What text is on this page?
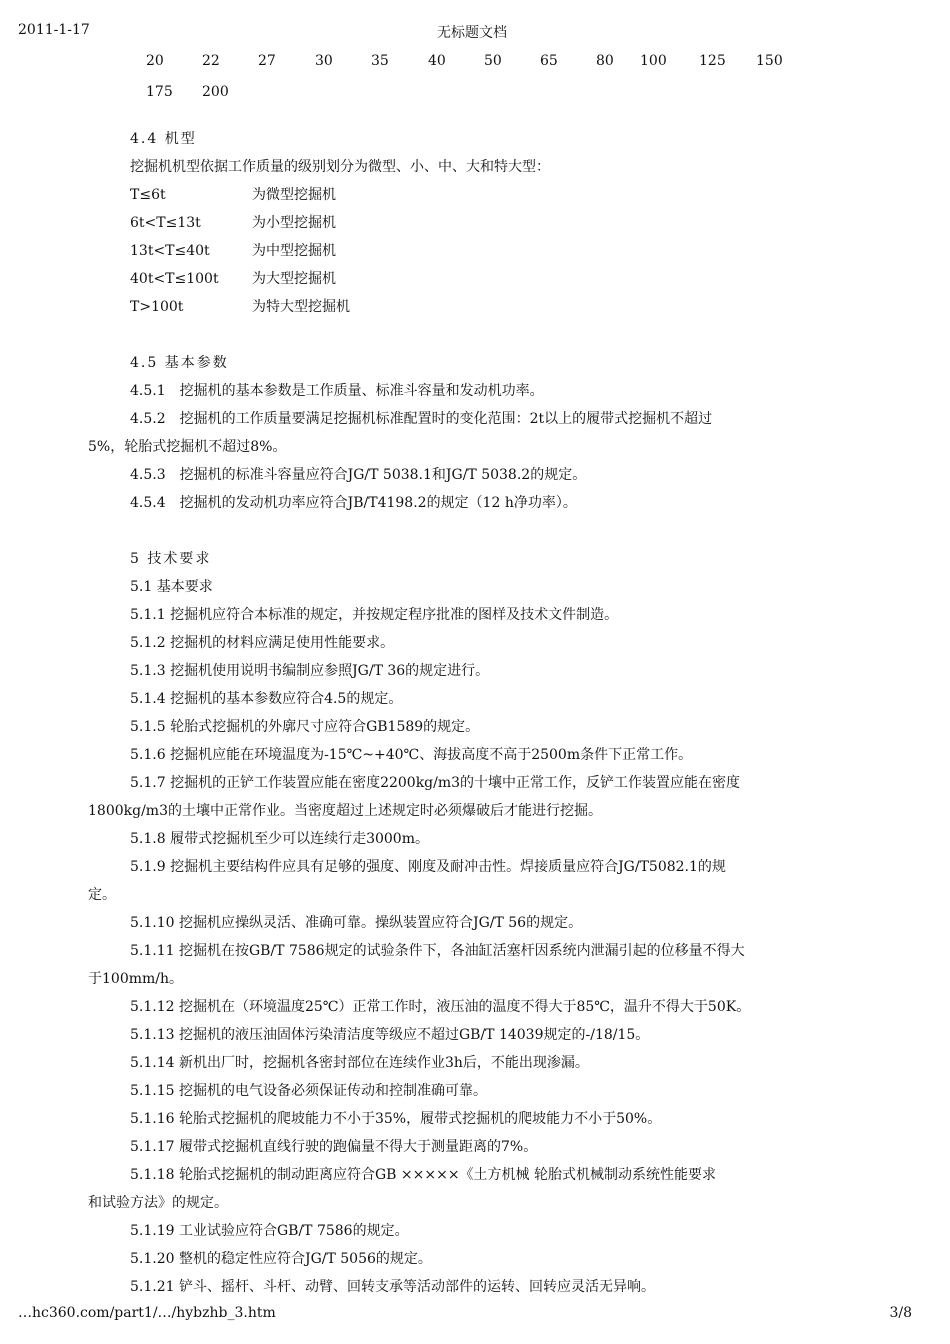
2011-1-17	无标题文档
20	22	27	30	35	40	50	65	80 100 125 150
175 200

4.4 机型

挖掘机机型依据工作质量的级别划分为微型、小、中、大和特大型：

T≤6t	为微型挖掘机
6t<T≤13t	为小型挖掘机
13t<T≤40t	为中型挖掘机
40t<T≤100t	为大型挖掘机
T>100t	为特大型挖掘机

4.5 基本参数

4.5.1　挖掘机的基本参数是工作质量、标准斗容量和发动机功率。

4.5.2　挖掘机的工作质量要满足挖掘机标准配置时的变化范围：2t以上的履带式挖掘机不超过

5%，轮胎式挖掘机不超过8%。

4.5.3　挖掘机的标准斗容量应符合JG/T 5038.1和JG/T 5038.2的规定。

4.5.4　挖掘机的发动机功率应符合JB/T4198.2的规定（12 h净功率）。

5 技术要求

5.1 基本要求

5.1.1 挖掘机应符合本标准的规定，并按规定程序批准的图样及技术文件制造。

5.1.2 挖掘机的材料应满足使用性能要求。

5.1.3 挖掘机使用说明书编制应参照JG/T 36的规定进行。

5.1.4 挖掘机的基本参数应符合4.5的规定。

5.1.5 轮胎式挖掘机的外廓尺寸应符合GB1589的规定。

5.1.6 挖掘机应能在环境温度为-15℃~+40℃、海拔高度不高于2500m条件下正常工作。

5.1.7 挖掘机的正铲工作装置应能在密度2200kg/m3的十壤中正常工作，反铲工作装置应能在密度

1800kg/m3的土壤中正常作业。当密度超过上述规定时必须爆破后才能进行挖掘。

5.1.8 履带式挖掘机至少可以连续行走3000m。

5.1.9 挖掘机主要结构件应具有足够的强度、刚度及耐冲击性。焊接质量应符合JG/T5082.1的规

定。

5.1.10 挖掘机应操纵灵活、准确可靠。操纵装置应符合JG/T 56的规定。

5.1.11 挖掘机在按GB/T 7586规定的试验条件下，各油缸活塞杆因系统内泄漏引起的位移量不得大

于100mm/h。

5.1.12 挖掘机在（环境温度25℃）正常工作时，液压油的温度不得大于85℃，温升不得大于50K。

5.1.13 挖掘机的液压油固体污染清洁度等级应不超过GB/T 14039规定的-/18/15。

5.1.14 新机出厂时，挖掘机各密封部位在连续作业3h后，不能出现渗漏。

5.1.15 挖掘机的电气设备必须保证传动和控制准确可靠。

5.1.16 轮胎式挖掘机的爬坡能力不小于35%，履带式挖掘机的爬坡能力不小于50%。

5.1.17 履带式挖掘机直线行驶的跑偏量不得大于测量距离的7%。

5.1.18 轮胎式挖掘机的制动距离应符合GB ×××××《土方机械 轮胎式机械制动系统性能要求

和试验方法》的规定。

5.1.19 工业试验应符合GB/T 7586的规定。

5.1.20 整机的稳定性应符合JG/T 5056的规定。

5.1.21 铲斗、摇杆、斗杆、动臂、回转支承等活动部件的运转、回转应灵活无异响。

…hc360.com/part1/…/hybzhb_3.htm	3/8
